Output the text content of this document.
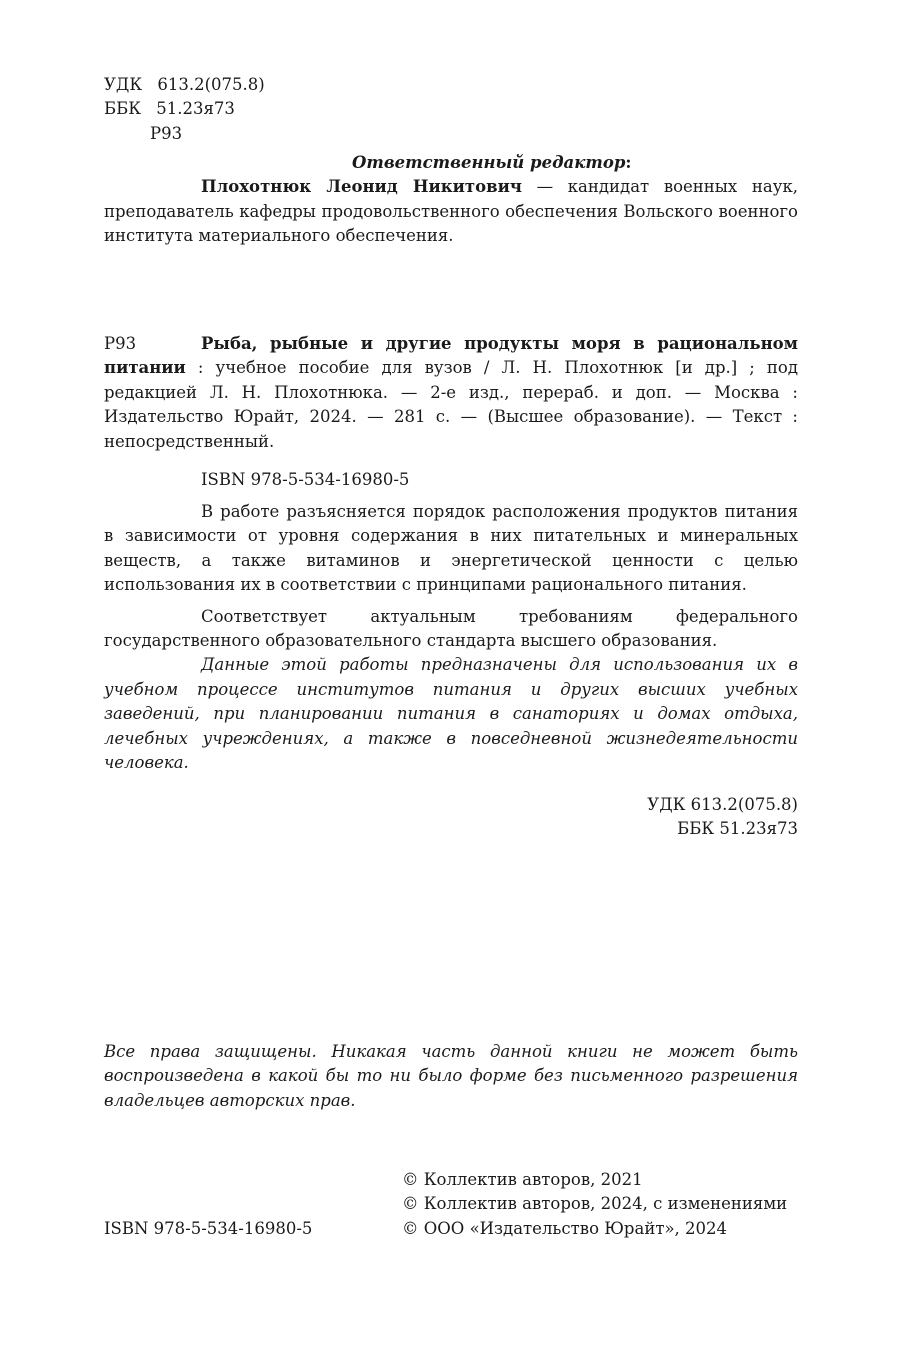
УДК 613.2(075.8)
ББК 51.23я73
Р93
Ответственный редактор:
Плохотнюк Леонид Никитович — кандидат военных наук, преподаватель кафедры продовольственного обеспечения Вольского военного института материального обеспечения.
Р93	Рыба, рыбные и другие продукты моря в рациональном питании : учебное пособие для вузов / Л. Н. Плохотнюк [и др.] ; под редакцией Л. Н. Плохотнюка. — 2-е изд., перераб. и доп. — Москва : Издательство Юрайт, 2024. — 281 с. — (Высшее образование). — Текст : непосредственный.
ISBN 978-5-534-16980-5
В работе разъясняется порядок расположения продуктов питания в зависимости от уровня содержания в них питательных и минеральных веществ, а также витаминов и энергетической ценности с целью использования их в соответствии с принципами рационального питания.
Соответствует актуальным требованиям федерального государственного образовательного стандарта высшего образования.
Данные этой работы предназначены для использования их в учебном процессе институтов питания и других высших учебных заведений, при планировании питания в санаториях и домах отдыха, лечебных учреждениях, а также в повседневной жизнедеятельности человека.
УДК 613.2(075.8)
ББК 51.23я73
Все права защищены. Никакая часть данной книги не может быть воспроизведена в какой бы то ни было форме без письменного разрешения владельцев авторских прав.
© Коллектив авторов, 2021
© Коллектив авторов, 2024, с изменениями
© ООО «Издательство Юрайт», 2024
ISBN 978-5-534-16980-5
